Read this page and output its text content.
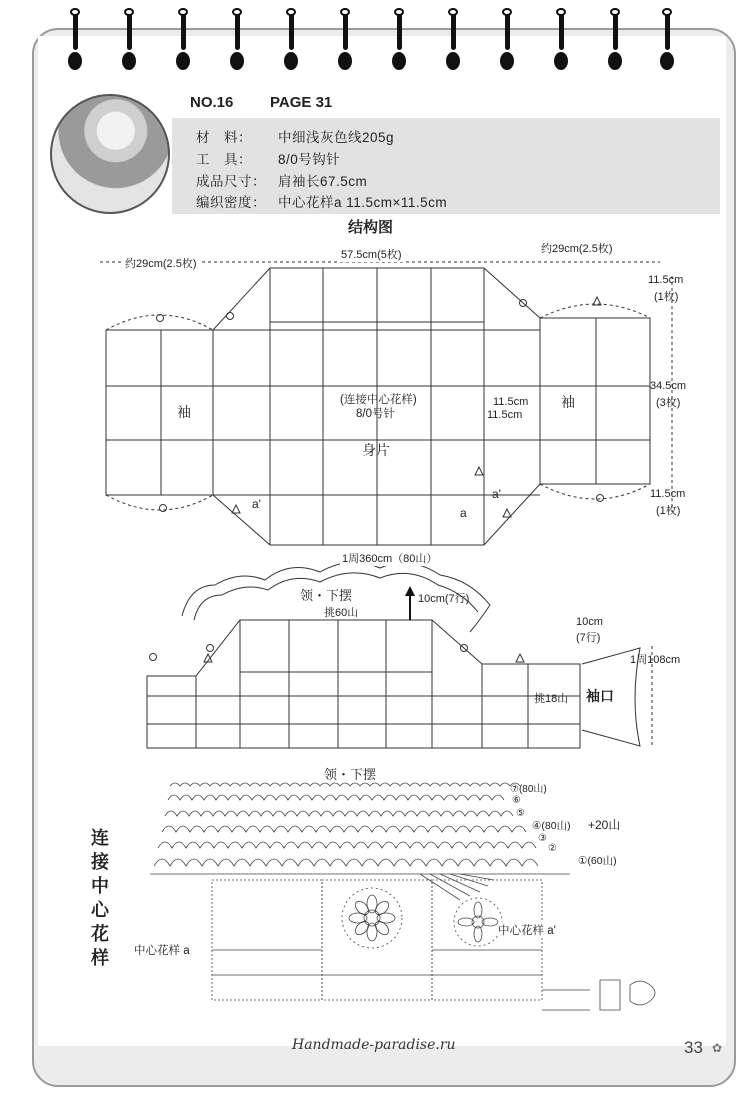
NO.16 PAGE 31
材　料： 中细浅灰色线205g
工　具： 8/0号钩针
成品尺寸： 肩袖长67.5cm
编织密度： 中心花样a 11.5cm×11.5cm
结构图
约29cm(2.5枚)
57.5cm(5枚)	约29cm(2.5枚)
11.5cm
(1枚)
34.5cm
(3枚)
11.5cm
(1枚)
袖
袖
(连接中心花样)
8/0号针
身片
11.5cm
11.5cm
a'
a'
a
1周360cm（80山）
领・下摆
挑60山
10cm(7行)
10cm
(7行)
1周108cm
挑18山 袖口
领・下摆
⑦(80山)
⑥
⑤
④(80山) +20山
③
②
①(60山)
中心花样 a
中心花样 a'
连
接
中
心
花
样
Handmade-paradise.ru	33 ✿
